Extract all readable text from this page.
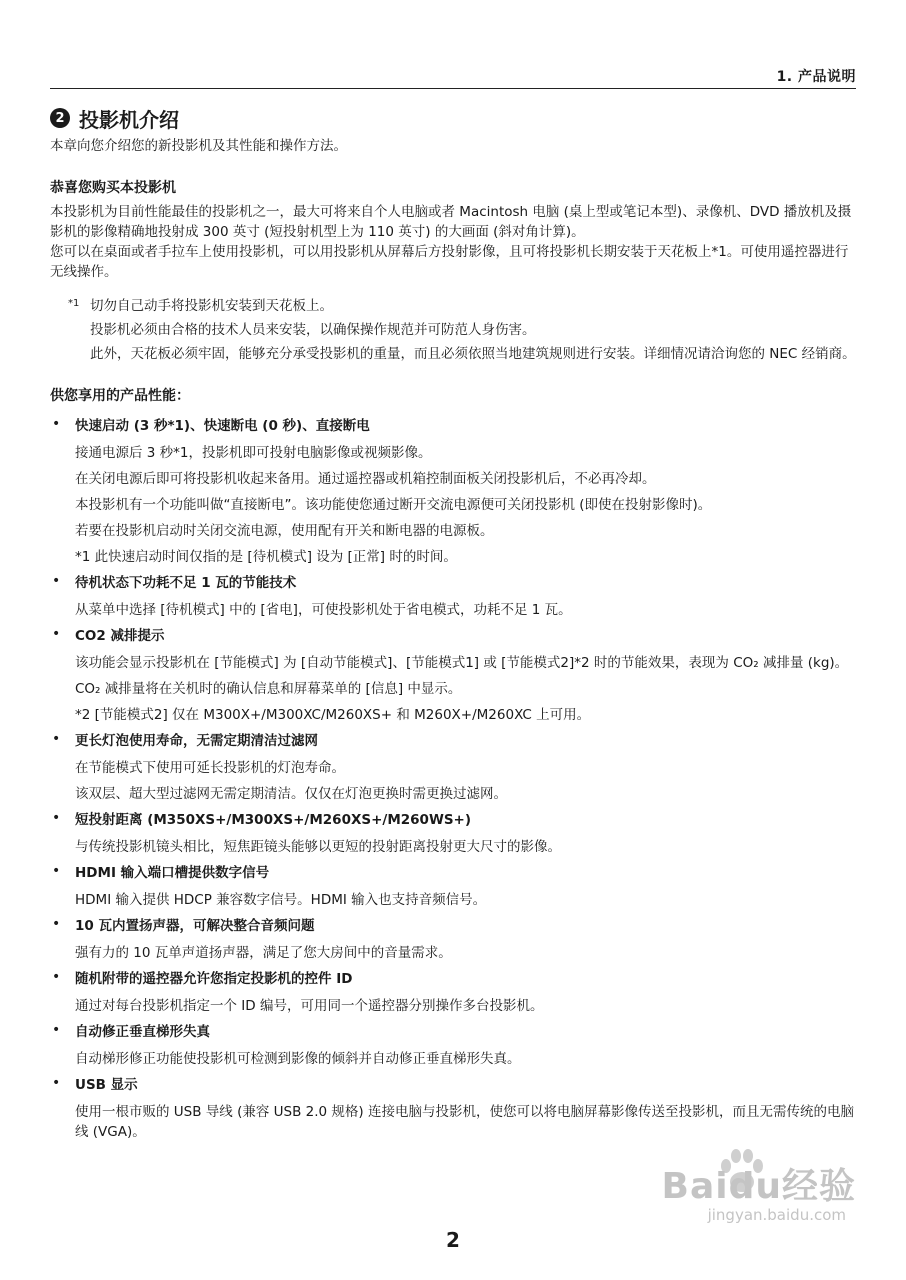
1. 产品说明
2 投影机介绍

本章向您介绍您的新投影机及其性能和操作方法。

恭喜您购买本投影机

本投影机为目前性能最佳的投影机之一，最大可将来自个人电脑或者 Macintosh 电脑 (桌上型或笔记本型)、录像机、DVD 播放机及摄影机的影像精确地投射成 300 英寸 (短投射机型上为 110 英寸) 的大画面 (斜对角计算)。

您可以在桌面或者手拉车上使用投影机，可以用投影机从屏幕后方投射影像，且可将投影机长期安装于天花板上*1。可使用遥控器进行无线操作。

*1 切勿自己动手将投影机安装到天花板上。

投影机必须由合格的技术人员来安装，以确保操作规范并可防范人身伤害。

此外，天花板必须牢固，能够充分承受投影机的重量，而且必须依照当地建筑规则进行安装。详细情况请洽询您的 NEC 经销商。

供您享用的产品性能：
• 快速启动 (3 秒*1)、快速断电 (0 秒)、直接断电

接通电源后 3 秒*1，投影机即可投射电脑影像或视频影像。

在关闭电源后即可将投影机收起来备用。通过遥控器或机箱控制面板关闭投影机后，不必再冷却。

本投影机有一个功能叫做“直接断电”。该功能使您通过断开交流电源便可关闭投影机 (即使在投射影像时)。

若要在投影机启动时关闭交流电源，使用配有开关和断电器的电源板。

*1 此快速启动时间仅指的是 [待机模式] 设为 [正常] 时的时间。

• 待机状态下功耗不足 1 瓦的节能技术

从菜单中选择 [待机模式] 中的 [省电]，可使投影机处于省电模式，功耗不足 1 瓦。

• CO2 减排提示

该功能会显示投影机在 [节能模式] 为 [自动节能模式]、[节能模式1] 或 [节能模式2]*2 时的节能效果，表现为 CO₂ 减排量 (kg)。

CO₂ 减排量将在关机时的确认信息和屏幕菜单的 [信息] 中显示。

*2 [节能模式2] 仅在 M300X+/M300XC/M260XS+ 和 M260X+/M260XC 上可用。

• 更长灯泡使用寿命，无需定期清洁过滤网

在节能模式下使用可延长投影机的灯泡寿命。

该双层、超大型过滤网无需定期清洁。仅仅在灯泡更换时需更换过滤网。

• 短投射距离 (M350XS+/M300XS+/M260XS+/M260WS+)

与传统投影机镜头相比，短焦距镜头能够以更短的投射距离投射更大尺寸的影像。

• HDMI 输入端口槽提供数字信号

HDMI 输入提供 HDCP 兼容数字信号。HDMI 输入也支持音频信号。

• 10 瓦内置扬声器，可解决整合音频问题

强有力的 10 瓦单声道扬声器，满足了您大房间中的音量需求。

• 随机附带的遥控器允许您指定投影机的控件 ID

通过对每台投影机指定一个 ID 编号，可用同一个遥控器分别操作多台投影机。

• 自动修正垂直梯形失真

自动梯形修正功能使投影机可检测到影像的倾斜并自动修正垂直梯形失真。

• USB 显示

使用一根市贩的 USB 导线 (兼容 USB 2.0 规格) 连接电脑与投影机，使您可以将电脑屏幕影像传送至投影机，而且无需传统的电脑线 (VGA)。

2
Baidu经验
jingyan.baidu.com
